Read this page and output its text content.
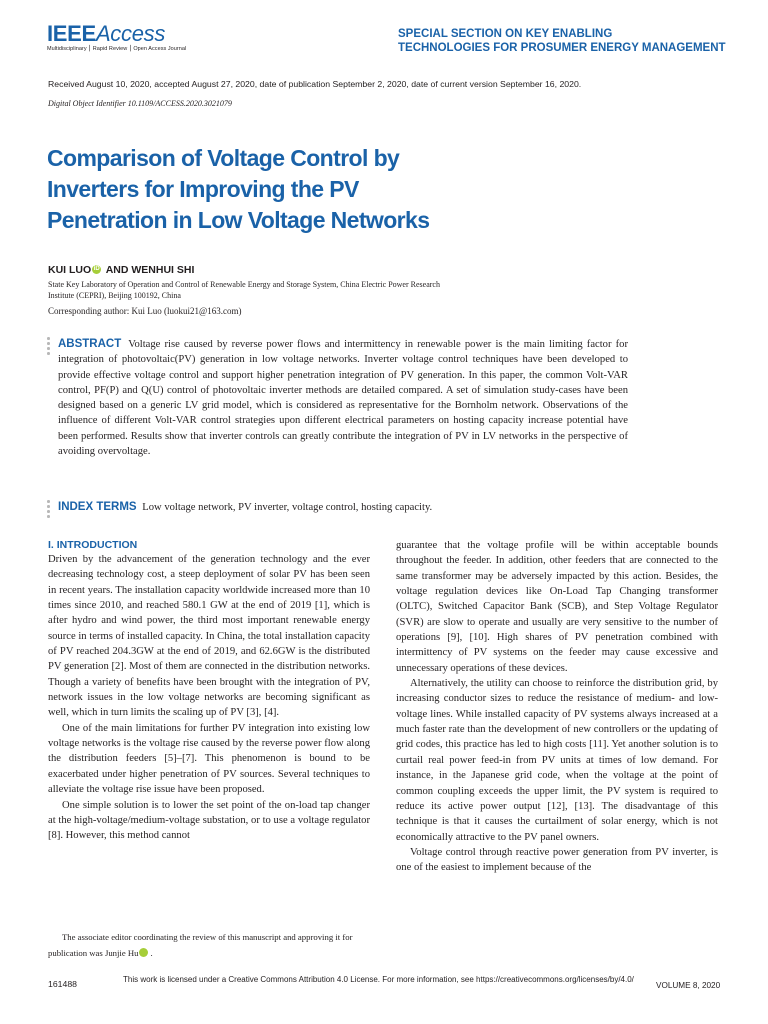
IEEEAccess
Multidisciplinary ⎮ Rapid Review ⎮ Open Access Journal
SPECIAL SECTION ON KEY ENABLING
TECHNOLOGIES FOR PROSUMER ENERGY MANAGEMENT
Received August 10, 2020, accepted August 27, 2020, date of publication September 2, 2020, date of current version September 16, 2020.
Digital Object Identifier 10.1109/ACCESS.2020.3021079
Comparison of Voltage Control by
Inverters for Improving the PV
Penetration in Low Voltage Networks
KUI LUO iD AND WENHUI SHI
State Key Laboratory of Operation and Control of Renewable Energy and Storage System, China Electric Power Research Institute (CEPRI), Beijing 100192, China
Corresponding author: Kui Luo (luokui21@163.com)
ABSTRACT Voltage rise caused by reverse power flows and intermittency in renewable power is the main limiting factor for integration of photovoltaic(PV) generation in low voltage networks. Inverter voltage control techniques have been developed to provide effective voltage control and support higher penetration integration of PV generation. In this paper, the common Volt-VAR control, PF(P) and Q(U) control of photovoltaic inverter methods are detailed compared. A set of simulation study-cases have been designed based on a generic LV grid model, which is considered as representative for the Bornholm network. Observations of the influence of different Volt-VAR control strategies upon different electrical parameters on hosting capacity increase potential have been performed. Results show that inverter controls can greatly contribute the integration of PV in LV networks in the perspective of avoiding overvoltage.
INDEX TERMS Low voltage network, PV inverter, voltage control, hosting capacity.

I. INTRODUCTION

Driven by the advancement of the generation technology and the ever decreasing technology cost, a steep deployment of solar PV has been seen in recent years. The installation capacity worldwide increased more than 10 times since 2010, and reached 580.1 GW at the end of 2019 [1], which is after hydro and wind power, the third most important renewable energy source in terms of installed capacity. In China, the total installation capacity of PV reached 204.3GW at the end of 2019, and 62.6GW is the distributed PV generation [2]. Most of them are connected in the distribution networks. Though a variety of benefits have been brought with the integration of PV, network issues in the low voltage networks are becoming significant as well, which in turn limits the scaling up of PV [3], [4].

One of the main limitations for further PV integration into existing low voltage networks is the voltage rise caused by the reverse power flow along the distribution feeders [5]–[7]. This phenomenon is bound to be exacerbated under higher penetration of PV sources. Several techniques to alleviate the voltage rise issue have been proposed.

One simple solution is to lower the set point of the on-load tap changer at the high-voltage/medium-voltage substation, or to use a voltage regulator [8]. However, this method cannot

guarantee that the voltage profile will be within acceptable bounds throughout the feeder. In addition, other feeders that are connected to the same transformer may be adversely impacted by this action. Besides, the voltage regulation devices like On-Load Tap Changing transformer (OLTC), Switched Capacitor Bank (SCB), and Step Voltage Regulator (SVR) are slow to operate and usually are very sensitive to the number of operations [9], [10]. High shares of PV penetration combined with intermittency of PV systems on the feeder may cause excessive and unnecessary operations of these devices.

Alternatively, the utility can choose to reinforce the distribution grid, by increasing conductor sizes to reduce the resistance of medium- and low-voltage lines. While installed capacity of PV systems always increased at a much faster rate than the development of new controllers or the updating of grid codes, this practice has led to high costs [11]. Yet another solution is to curtail real power feed-in from PV units at times of low demand. For instance, in the Japanese grid code, when the voltage at the point of common coupling exceeds the upper limit, the PV system is required to reduce its active power output [12], [13]. The disadvantage of this technique is that it causes the curtailment of solar energy, which is not economically attractive to the PV panel owners.

Voltage control through reactive power generation from PV inverter, is one of the easiest to implement because of the

The associate editor coordinating the review of this manuscript and approving it for publication was Junjie Hu	iD.

161488	This work is licensed under a Creative Commons Attribution 4.0 License. For more information, see https://creativecommons.org/licenses/by/4.0/
VOLUME 8, 2020
